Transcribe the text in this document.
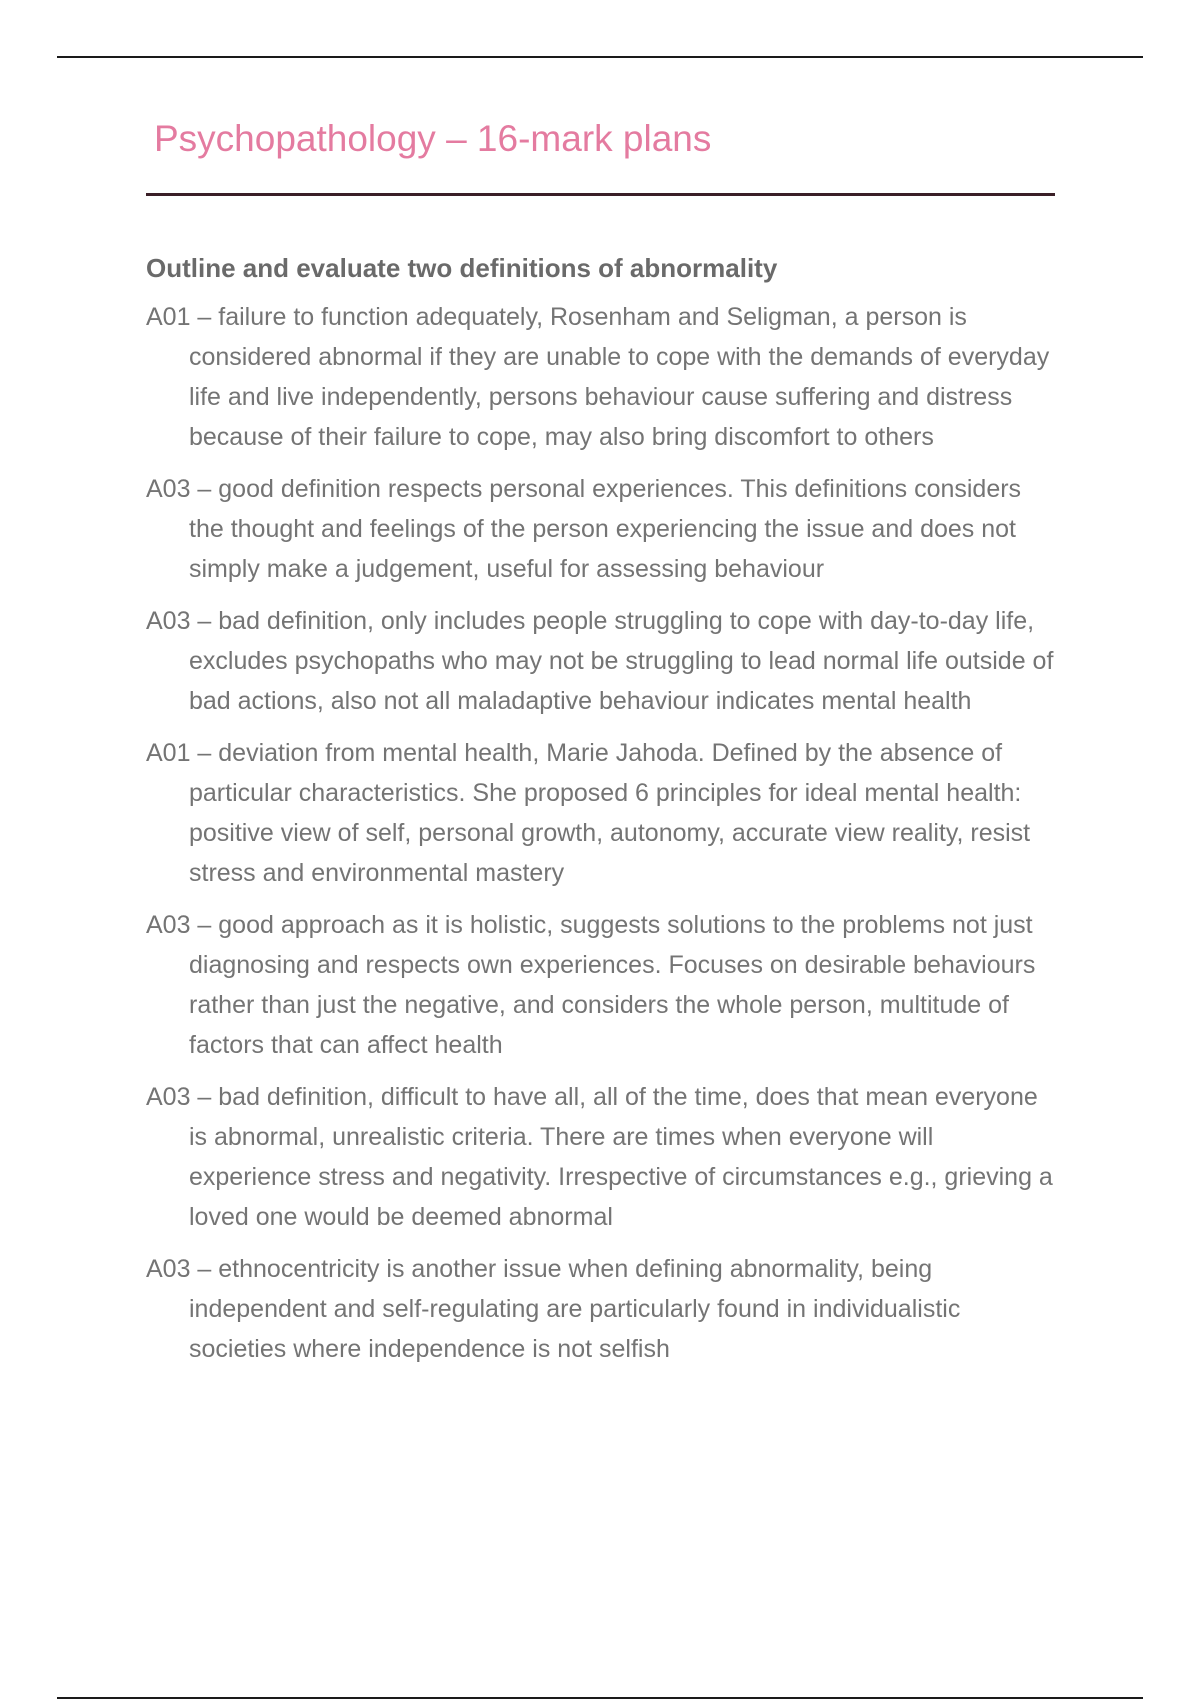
Psychopathology – 16-mark plans

Outline and evaluate two definitions of abnormality

A01 – failure to function adequately, Rosenham and Seligman, a person is considered abnormal if they are unable to cope with the demands of everyday life and live independently, persons behaviour cause suffering and distress because of their failure to cope, may also bring discomfort to others

A03 – good definition respects personal experiences. This definitions considers the thought and feelings of the person experiencing the issue and does not simply make a judgement, useful for assessing behaviour

A03 – bad definition, only includes people struggling to cope with day-to-day life, excludes psychopaths who may not be struggling to lead normal life outside of bad actions, also not all maladaptive behaviour indicates mental health

A01 – deviation from mental health, Marie Jahoda. Defined by the absence of particular characteristics. She proposed 6 principles for ideal mental health: positive view of self, personal growth, autonomy, accurate view reality, resist stress and environmental mastery

A03 – good approach as it is holistic, suggests solutions to the problems not just diagnosing and respects own experiences. Focuses on desirable behaviours rather than just the negative, and considers the whole person, multitude of factors that can affect health

A03 – bad definition, difficult to have all, all of the time, does that mean everyone is abnormal, unrealistic criteria. There are times when everyone will experience stress and negativity. Irrespective of circumstances e.g., grieving a loved one would be deemed abnormal

A03 – ethnocentricity is another issue when defining abnormality, being independent and self-regulating are particularly found in individualistic societies where independence is not selfish
